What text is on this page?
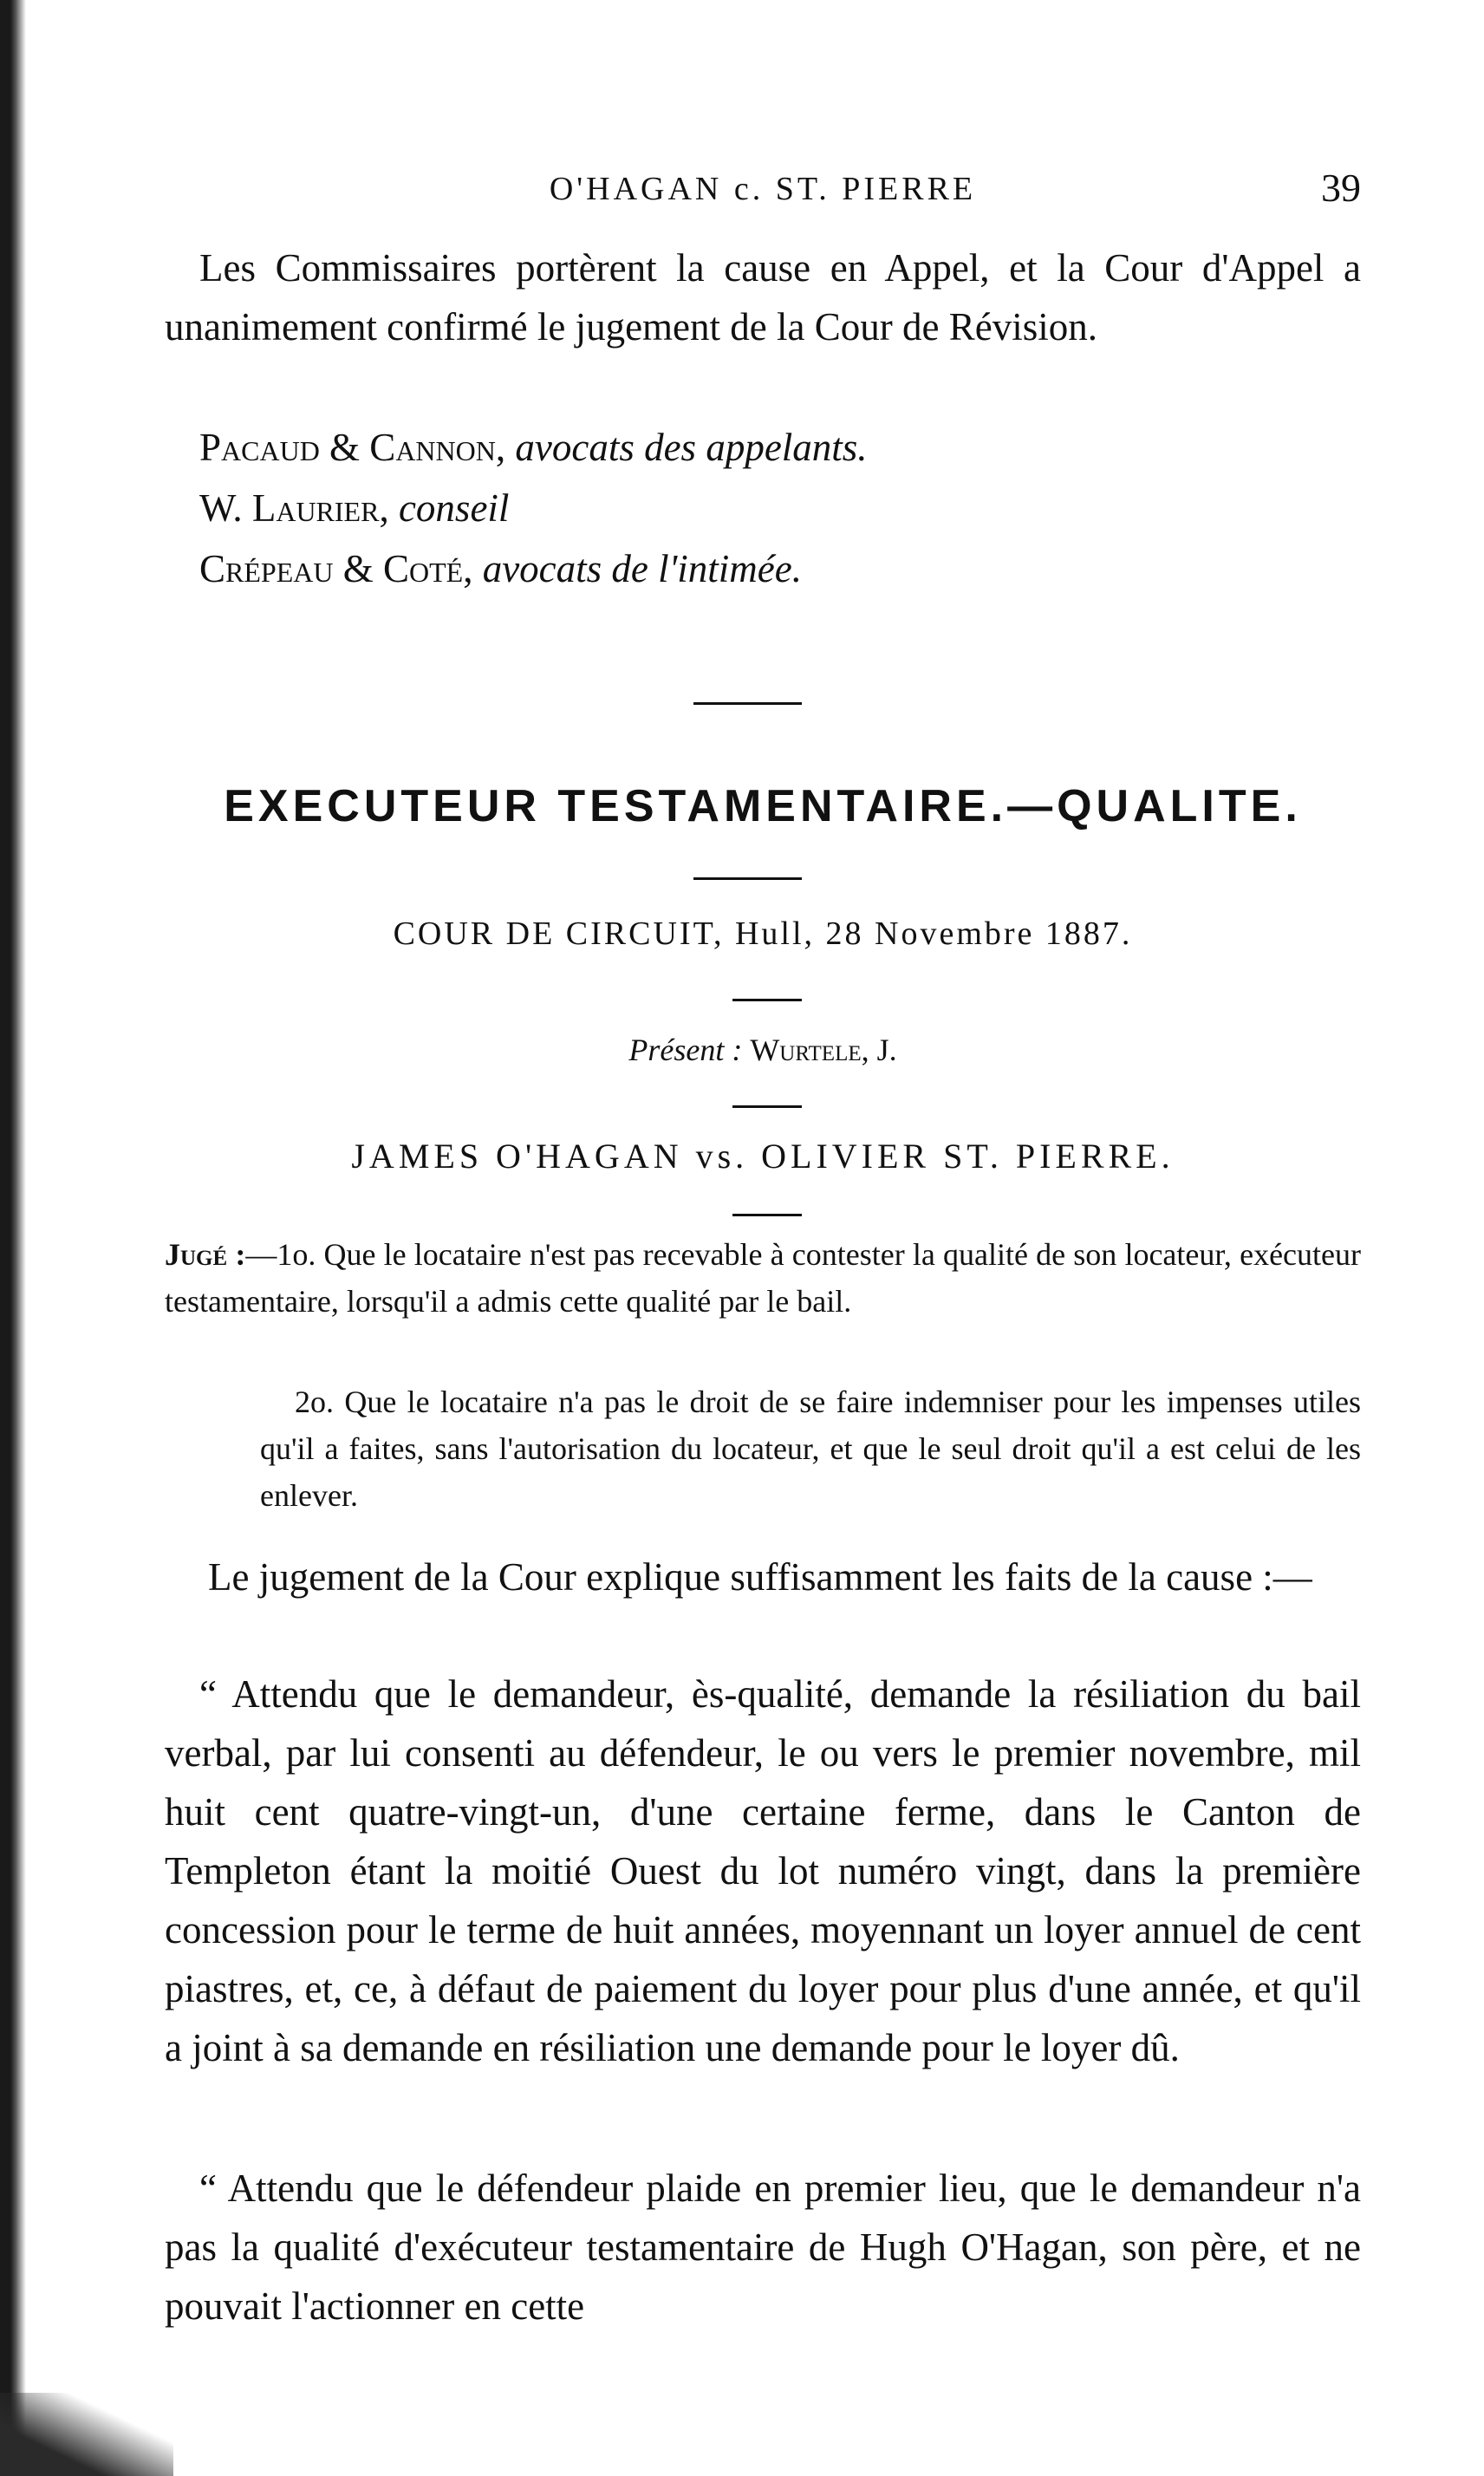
O'HAGAN c. ST. PIERRE	39

Les Commissaires portèrent la cause en Appel, et la Cour d'Appel a unanimement confirmé le jugement de la Cour de Révision.

Pacaud & Cannon, avocats des appelants.
W. Laurier, conseil
Crépeau & Coté, avocats de l'intimée.
EXECUTEUR TESTAMENTAIRE.—QUALITE.
COUR DE CIRCUIT, Hull, 28 Novembre 1887.
Présent : Wurtele, J.
JAMES O'HAGAN vs. OLIVIER ST. PIERRE.
Jugé :—1o. Que le locataire n'est pas recevable à contester la qualité de son locateur, exécuteur testamentaire, lorsqu'il a admis cette qualité par le bail.
2o. Que le locataire n'a pas le droit de se faire indemniser pour les impenses utiles qu'il a faites, sans l'autorisation du locateur, et que le seul droit qu'il a est celui de les enlever.

Le jugement de la Cour explique suffisamment les faits de la cause :—

“ Attendu que le demandeur, ès-qualité, demande la résiliation du bail verbal, par lui consenti au défendeur, le ou vers le premier novembre, mil huit cent quatre-vingt-un, d'une certaine ferme, dans le Canton de Templeton étant la moitié Ouest du lot numéro vingt, dans la première concession pour le terme de huit années, moyennant un loyer annuel de cent piastres, et, ce, à défaut de paiement du loyer pour plus d'une année, et qu'il a joint à sa demande en résiliation une demande pour le loyer dû.

“ Attendu que le défendeur plaide en premier lieu, que le demandeur n'a pas la qualité d'exécuteur testamentaire de Hugh O'Hagan, son père, et ne pouvait l'actionner en cette
